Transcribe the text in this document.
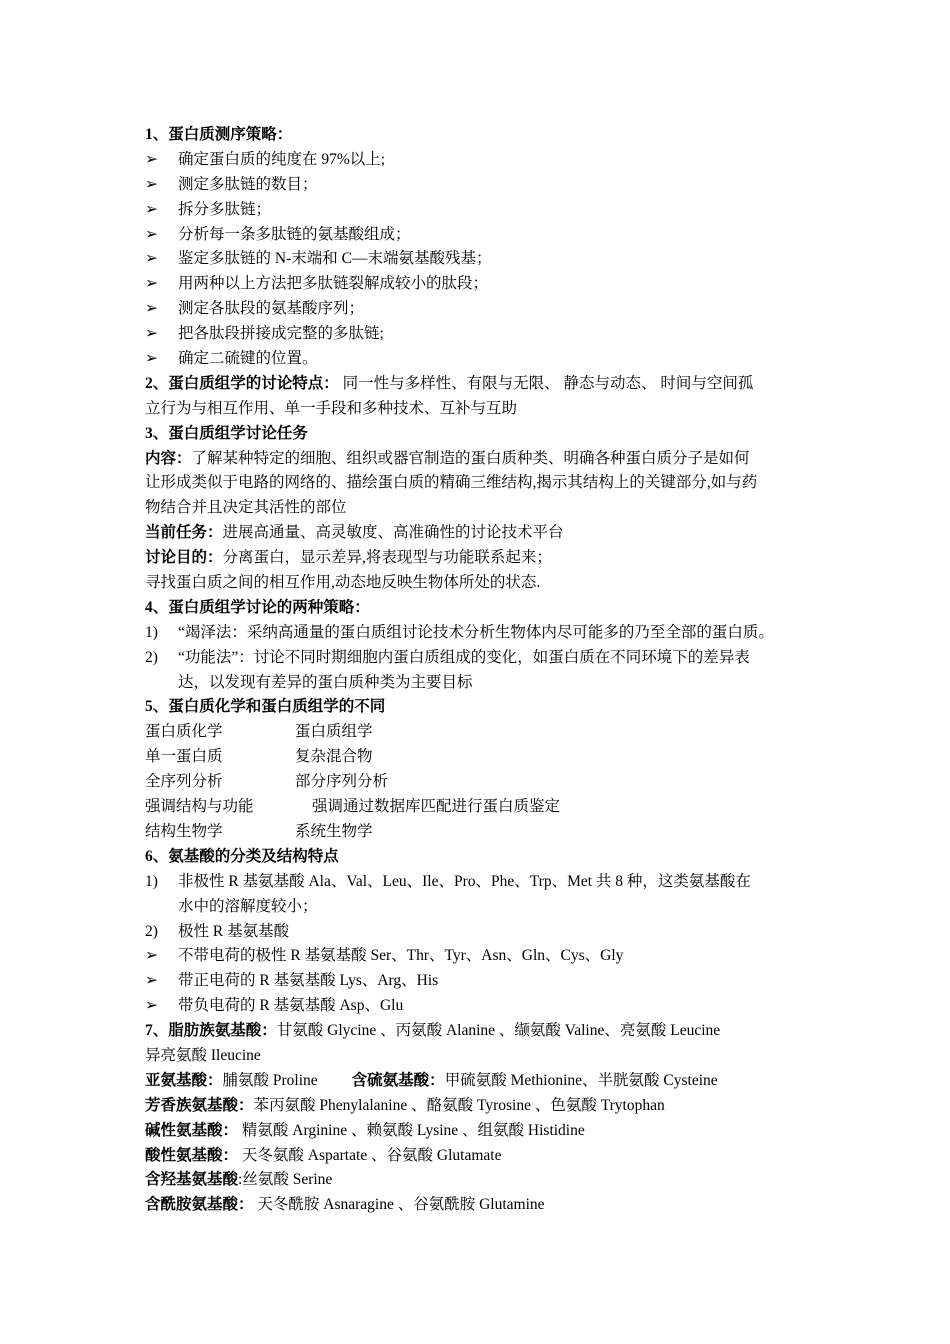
1、蛋白质测序策略：
➢ 确定蛋白质的纯度在 97%以上;
➢ 测定多肽链的数目；
➢ 拆分多肽链；
➢ 分析每一条多肽链的氨基酸组成；
➢ 鉴定多肽链的 N-末端和 C—末端氨基酸残基；
➢ 用两种以上方法把多肽链裂解成较小的肽段；
➢ 测定各肽段的氨基酸序列；
➢ 把各肽段拼接成完整的多肽链;
➢ 确定二硫键的位置。
2、蛋白质组学的讨论特点： 同一性与多样性、有限与无限、 静态与动态、 时间与空间孤
立行为与相互作用、单一手段和多种技术、互补与互助
3、蛋白质组学讨论任务
内容：了解某种特定的细胞、组织或器官制造的蛋白质种类、明确各种蛋白质分子是如何
让形成类似于电路的网络的、描绘蛋白质的精确三维结构,揭示其结构上的关键部分,如与药
物结合并且决定其活性的部位
当前任务：进展高通量、高灵敏度、高准确性的讨论技术平台
讨论目的：分离蛋白，显示差异,将表现型与功能联系起来；
寻找蛋白质之间的相互作用,动态地反映生物体所处的状态.
4、蛋白质组学讨论的两种策略：
1) “竭泽法：采纳高通量的蛋白质组讨论技术分析生物体内尽可能多的乃至全部的蛋白质。
2) “功能法”：讨论不同时期细胞内蛋白质组成的变化，如蛋白质在不同环境下的差异表
达，以发现有差异的蛋白质种类为主要目标
5、蛋白质化学和蛋白质组学的不同
蛋白质化学	蛋白质组学
单一蛋白质	复杂混合物
全序列分析	部分序列分析
强调结构与功能	强调通过数据库匹配进行蛋白质鉴定
结构生物学	系统生物学
6、氨基酸的分类及结构特点
1) 非极性 R 基氨基酸 Ala、Val、Leu、Ile、Pro、Phe、Trp、Met 共 8 种，这类氨基酸在
水中的溶解度较小；
2) 极性 R 基氨基酸
➢ 不带电荷的极性 R 基氨基酸 Ser、Thr、Tyr、Asn、Gln、Cys、Gly
➢ 带正电荷的 R 基氨基酸 Lys、Arg、His
➢ 带负电荷的 R 基氨基酸 Asp、Glu
7、脂肪族氨基酸：甘氨酸 Glycine 、丙氨酸 Alanine 、缬氨酸 Valine、亮氨酸 Leucine
异亮氨酸 Ileucine
亚氨基酸：脯氨酸 Proline 含硫氨基酸：甲硫氨酸 Methionine、半胱氨酸 Cysteine
芳香族氨基酸：苯丙氨酸 Phenylalanine 、酪氨酸 Tyrosine 、色氨酸 Trytophan
碱性氨基酸： 精氨酸 Arginine 、赖氨酸 Lysine 、组氨酸 Histidine
酸性氨基酸： 天冬氨酸 Aspartate 、谷氨酸 Glutamate
含羟基氨基酸:丝氨酸 Serine
含酰胺氨基酸： 天冬酰胺 Asnaragine 、谷氨酰胺 Glutamine
